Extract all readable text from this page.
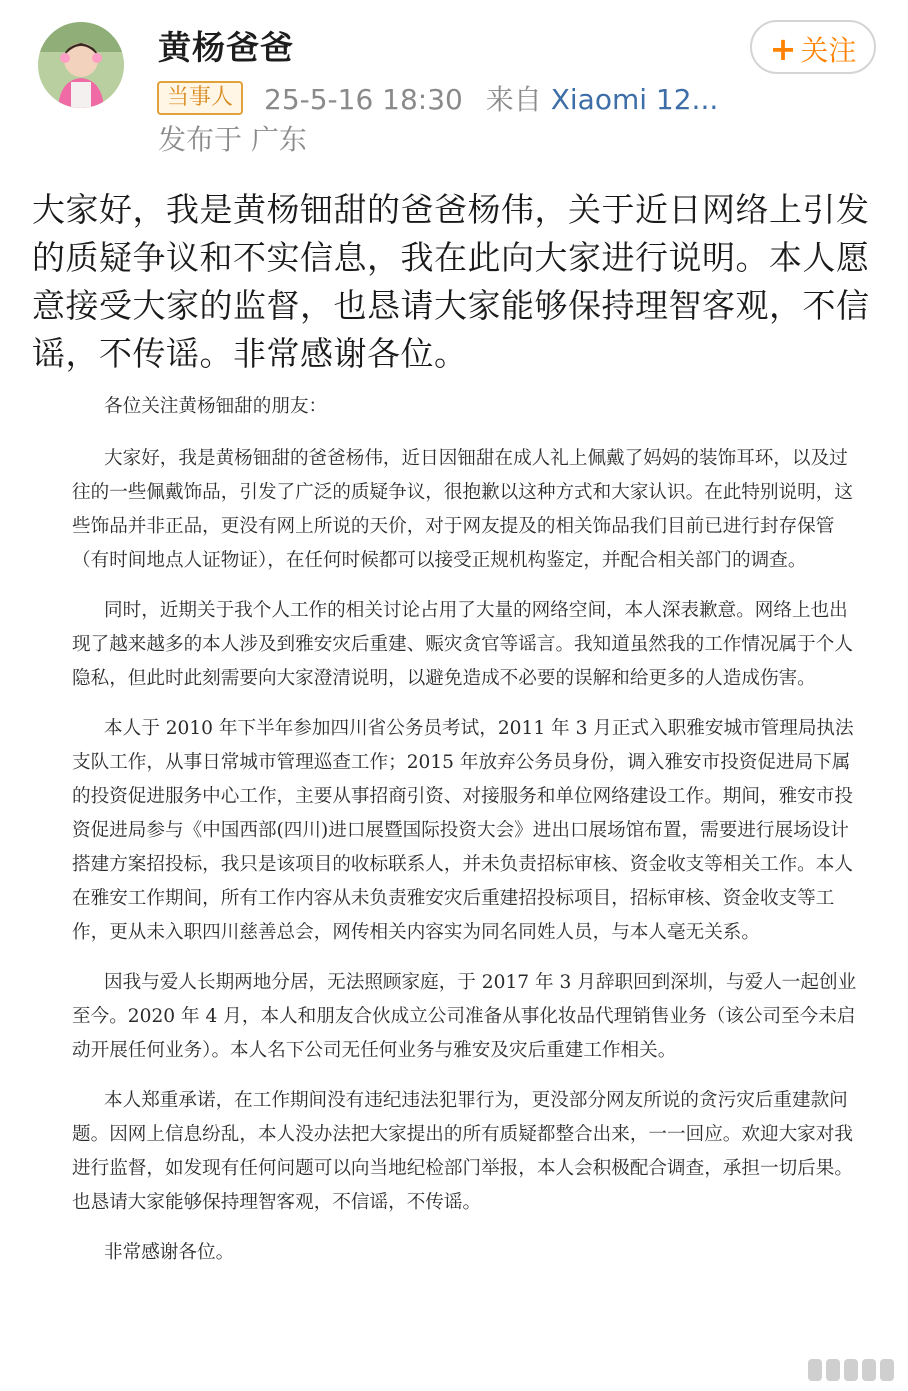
黄杨爸爸
当事人	25-5-16 18:30 来自 Xiaomi 12...
发布于 广东
+ 关注
大家好，我是黄杨钿甜的爸爸杨伟，关于近日网络上引发的质疑争议和不实信息，我在此向大家进行说明。本人愿意接受大家的监督，也恳请大家能够保持理智客观，不信谣，不传谣。非常感谢各位。

各位关注黄杨钿甜的朋友：

大家好，我是黄杨钿甜的爸爸杨伟，近日因钿甜在成人礼上佩戴了妈妈的装饰耳环，以及过往的一些佩戴饰品，引发了广泛的质疑争议，很抱歉以这种方式和大家认识。在此特别说明，这些饰品并非正品，更没有网上所说的天价，对于网友提及的相关饰品我们目前已进行封存保管（有时间地点人证物证），在任何时候都可以接受正规机构鉴定，并配合相关部门的调查。

同时，近期关于我个人工作的相关讨论占用了大量的网络空间，本人深表歉意。网络上也出现了越来越多的本人涉及到雅安灾后重建、赈灾贪官等谣言。我知道虽然我的工作情况属于个人隐私，但此时此刻需要向大家澄清说明，以避免造成不必要的误解和给更多的人造成伤害。

本人于 2010 年下半年参加四川省公务员考试，2011 年 3 月正式入职雅安城市管理局执法支队工作，从事日常城市管理巡查工作；2015 年放弃公务员身份，调入雅安市投资促进局下属的投资促进服务中心工作，主要从事招商引资、对接服务和单位网络建设工作。期间，雅安市投资促进局参与《中国西部(四川)进口展暨国际投资大会》进出口展场馆布置，需要进行展场设计搭建方案招投标，我只是该项目的收标联系人，并未负责招标审核、资金收支等相关工作。本人在雅安工作期间，所有工作内容从未负责雅安灾后重建招投标项目，招标审核、资金收支等工作，更从未入职四川慈善总会，网传相关内容实为同名同姓人员，与本人毫无关系。

因我与爱人长期两地分居，无法照顾家庭，于 2017 年 3 月辞职回到深圳，与爱人一起创业至今。2020 年 4 月，本人和朋友合伙成立公司准备从事化妆品代理销售业务（该公司至今未启动开展任何业务）。本人名下公司无任何业务与雅安及灾后重建工作相关。

本人郑重承诺，在工作期间没有违纪违法犯罪行为，更没部分网友所说的贪污灾后重建款问题。因网上信息纷乱，本人没办法把大家提出的所有质疑都整合出来，一一回应。欢迎大家对我进行监督，如发现有任何问题可以向当地纪检部门举报，本人会积极配合调查，承担一切后果。也恳请大家能够保持理智客观，不信谣，不传谣。

非常感谢各位。
